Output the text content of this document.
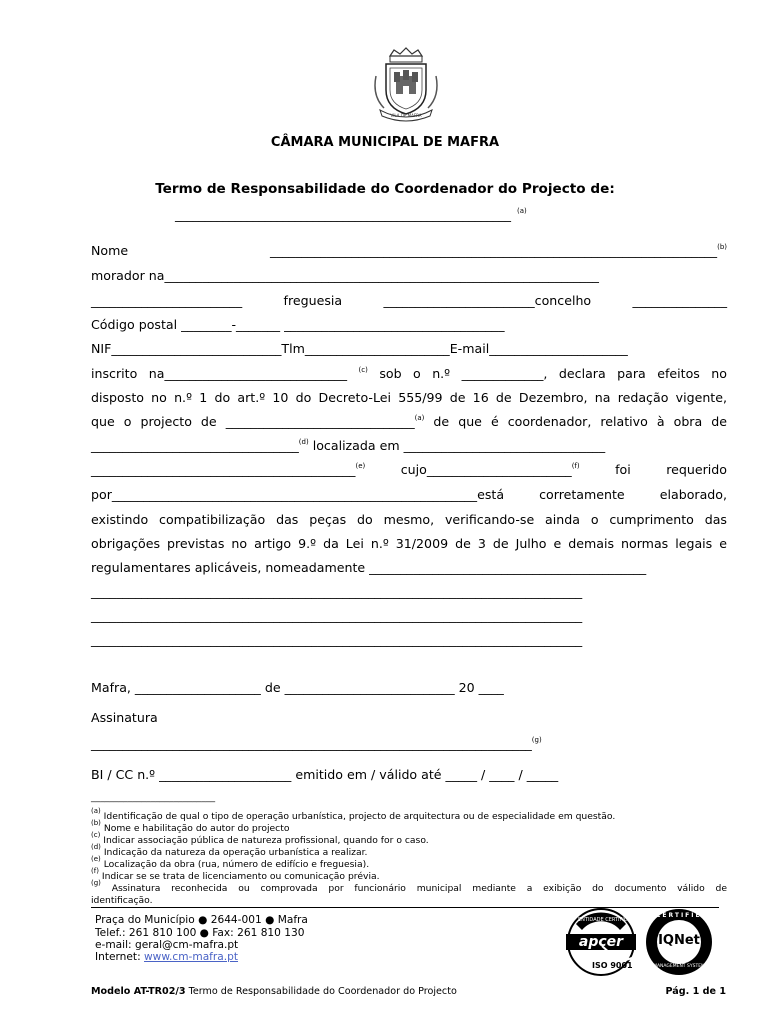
VILA DE MAFRA
CÂMARA MUNICIPAL DE MAFRA
Termo de Responsabilidade do Coordenador do Projecto de:
________________________________________________________ $^{(a)}$
Nome	_______________________________________________________________________$^{(b)}$
morador na_____________________________________________________________________
________________________	freguesia	________________________concelho	_______________
Código postal ________-_______ ___________________________________
NIF___________________________Tlm_______________________E-mail______________________
inscrito na_____________________________ $^{(c)}$ sob o n.º _____________, declara para efeitos no
disposto no n.º 1 do art.º 10 do Decreto-Lei 555/99 de 16 de Dezembro, na redação vigente,
que o projecto de ______________________________$^{(a)}$ de que é coordenador, relativo à obra de
_________________________________$^{(d)}$ localizada em ________________________________
__________________________________________$^{(e)}$	cujo_______________________$^{(f)}$	foi requerido
por__________________________________________________________está corretamente elaborado,
existindo compatibilização das peças do mesmo, verificando-se ainda o cumprimento das
obrigações previstas no artigo 9.º da Lei n.º 31/2009 de 3 de Julho e demais normas legais e
regulamentares aplicáveis, nomeadamente ____________________________________________
______________________________________________________________________________
______________________________________________________________________________
______________________________________________________________________________
Mafra, ____________________ de ___________________________ 20 ____
Assinatura
______________________________________________________________________$^{(g)}$
BI / CC n.º _____________________ emitido em / válido até _____ / ____ / _____
___________________________
$^{(a)}$ Identificação de qual o tipo de operação urbanística, projecto de arquitectura ou de especialidade em questão.
$^{(b)}$ Nome e habilitação do autor do projecto
$^{(c)}$ Indicar associação pública de natureza profissional, quando for o caso.
$^{(d)}$ Indicação da natureza da operação urbanística a realizar.
$^{(e)}$ Localização da obra (rua, número de edifício e freguesia).
$^{(f)}$ Indicar se se trata de licenciamento ou comunicação prévia.
$^{(g)}$ Assinatura reconhecida ou comprovada por funcionário municipal mediante a exibição do documento válido de
identificação.
Praça do Município ● 2644-001 ● Mafra
Telef.: 261 810 100 ● Fax: 261 810 130
e-mail: geral@cm-mafra.pt
Internet: www.cm-mafra.pt
ENTIDADE CERTIFICADA
apcer
ISO 9001
CERTIFIED
IQNet
MANAGEMENT SYSTEM
Modelo AT-TR02/3 Termo de Responsabilidade do Coordenador do Projecto	Pág. 1 de 1
